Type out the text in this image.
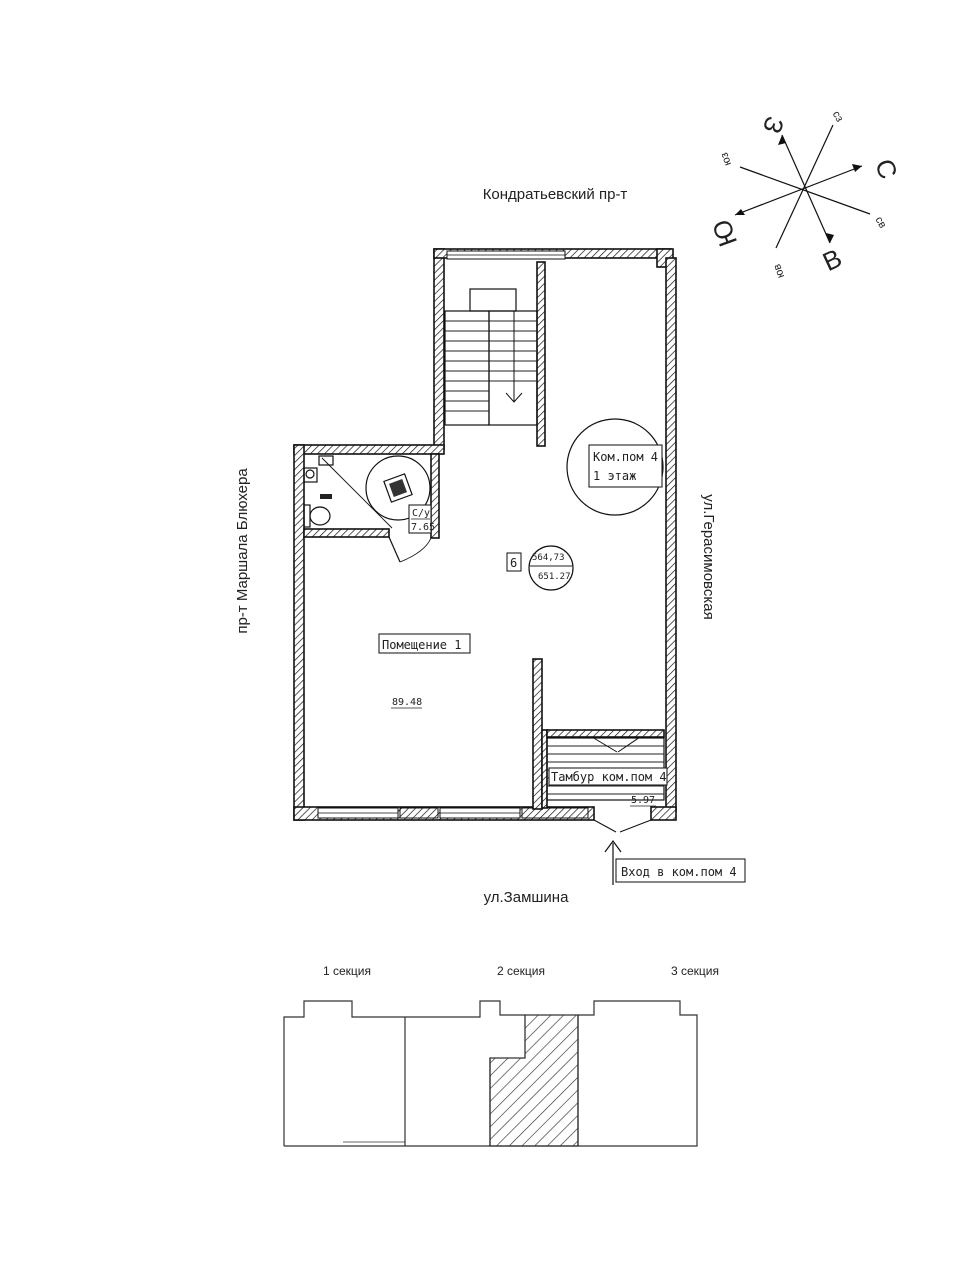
Кондратьевский пр-т
пр-т Маршала Блюхера	ул.Герасимовская
ул.Замшина
С
В
З
Ю
сз
св
юв
юз
С/у
7.65
Ком.пом 4
1 этаж
6 564,73
651.27
Помещение 1
89.48
Тамбур ком.пом 4
5.97
Вход в ком.пом 4
1 секция	2 секция	3 секция
